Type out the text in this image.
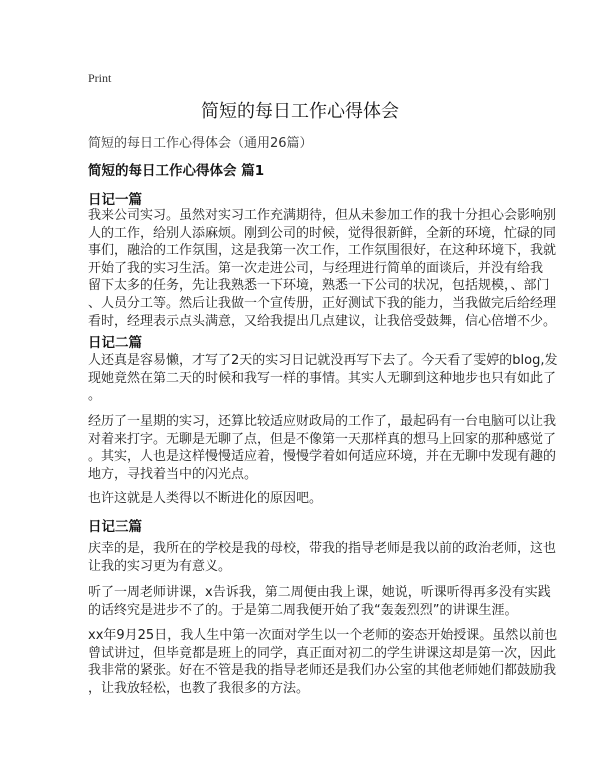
Print
简短的每日工作心得体会
简短的每日工作心得体会（通用26篇）
简短的每日工作心得体会 篇1
日记一篇
我来公司实习。虽然对实习工作充满期待，但从未参加工作的我十分担心会影响别
人的工作，给别人添麻烦。刚到公司的时候，觉得很新鲜，全新的环境，忙碌的同
事们，融洽的工作氛围，这是我第一次工作，工作氛围很好，在这种环境下，我就
开始了我的实习生活。第一次走进公司，与经理进行简单的面谈后，并没有给我
留下太多的任务，先让我熟悉一下环境，熟悉一下公司的状况，包括规模，、部门
、人员分工等。然后让我做一个宣传册，正好测试下我的能力，当我做完后给经理
看时，经理表示点头满意，又给我提出几点建议，让我倍受鼓舞，信心倍增不少。
日记二篇
人还真是容易懒，才写了2天的实习日记就没再写下去了。今天看了雯婷的blog,发
现她竟然在第二天的时候和我写一样的事情。其实人无聊到这种地步也只有如此了
。
经历了一星期的实习，还算比较适应财政局的工作了，最起码有一台电脑可以让我
对着来打字。无聊是无聊了点，但是不像第一天那样真的想马上回家的那种感觉了
。其实，人也是这样慢慢适应着，慢慢学着如何适应环境，并在无聊中发现有趣的
地方，寻找着当中的闪光点。
也许这就是人类得以不断进化的原因吧。
日记三篇
庆幸的是，我所在的学校是我的母校，带我的指导老师是我以前的政治老师，这也
让我的实习更为有意义。
听了一周老师讲课，x告诉我，第二周便由我上课，她说，听课听得再多没有实践
的话终究是进步不了的。于是第二周我便开始了我“轰轰烈烈”的讲课生涯。
xx年9月25日，我人生中第一次面对学生以一个老师的姿态开始授课。虽然以前也
曾试讲过，但毕竟都是班上的同学，真正面对初二的学生讲课这却是第一次，因此
我非常的紧张。好在不管是我的指导老师还是我们办公室的其他老师她们都鼓励我
，让我放轻松，也教了我很多的方法。
